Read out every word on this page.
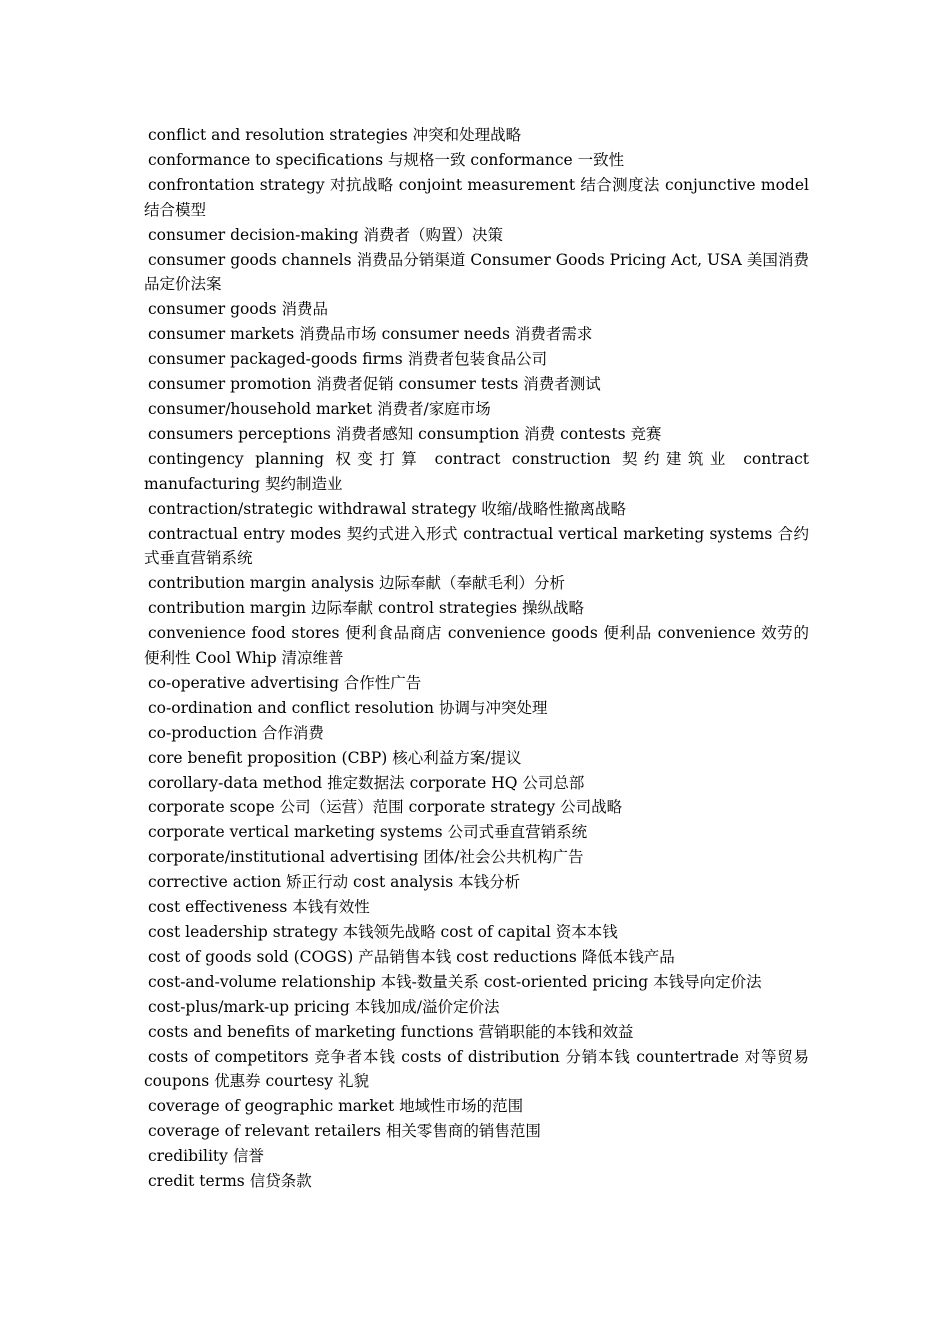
conflict and resolution strategies 冲突和处理战略

conformance to specifications 与规格一致 conformance 一致性

confrontation strategy 对抗战略 conjoint measurement 结合测度法 conjunctive model 结合模型

consumer decision-making 消费者（购置）决策

consumer goods channels 消费品分销渠道 Consumer Goods Pricing Act, USA 美国消费品定价法案

consumer goods 消费品

consumer markets 消费品市场 consumer needs 消费者需求

consumer packaged-goods firms 消费者包装食品公司

consumer promotion 消费者促销 consumer tests 消费者测试

consumer/household market 消费者/家庭市场

consumers perceptions 消费者感知 consumption 消费 contests 竞赛

contingency planning 权变打算 contract construction 契约建筑业 contract manufacturing 契约制造业

contraction/strategic withdrawal strategy 收缩/战略性撤离战略

contractual entry modes 契约式进入形式 contractual vertical marketing systems 合约式垂直营销系统

contribution margin analysis 边际奉献（奉献毛利）分析

contribution margin 边际奉献 control strategies 操纵战略

convenience food stores 便利食品商店 convenience goods 便利品 convenience 效劳的便利性 Cool Whip 清凉维普

co-operative advertising 合作性广告

co-ordination and conflict resolution 协调与冲突处理

co-production 合作消费

core benefit proposition (CBP) 核心利益方案/提议

corollary-data method 推定数据法 corporate HQ 公司总部

corporate scope 公司（运营）范围 corporate strategy 公司战略

corporate vertical marketing systems 公司式垂直营销系统

corporate/institutional advertising 团体/社会公共机构广告

corrective action 矫正行动 cost analysis 本钱分析

cost effectiveness 本钱有效性

cost leadership strategy 本钱领先战略 cost of capital 资本本钱

cost of goods sold (COGS) 产品销售本钱 cost reductions 降低本钱产品

cost-and-volume relationship 本钱-数量关系 cost-oriented pricing 本钱导向定价法

cost-plus/mark-up pricing 本钱加成/溢价定价法

costs and benefits of marketing functions 营销职能的本钱和效益

costs of competitors 竞争者本钱 costs of distribution 分销本钱 countertrade 对等贸易 coupons 优惠券 courtesy 礼貌

coverage of geographic market 地域性市场的范围

coverage of relevant retailers 相关零售商的销售范围

credibility 信誉

credit terms 信贷条款
